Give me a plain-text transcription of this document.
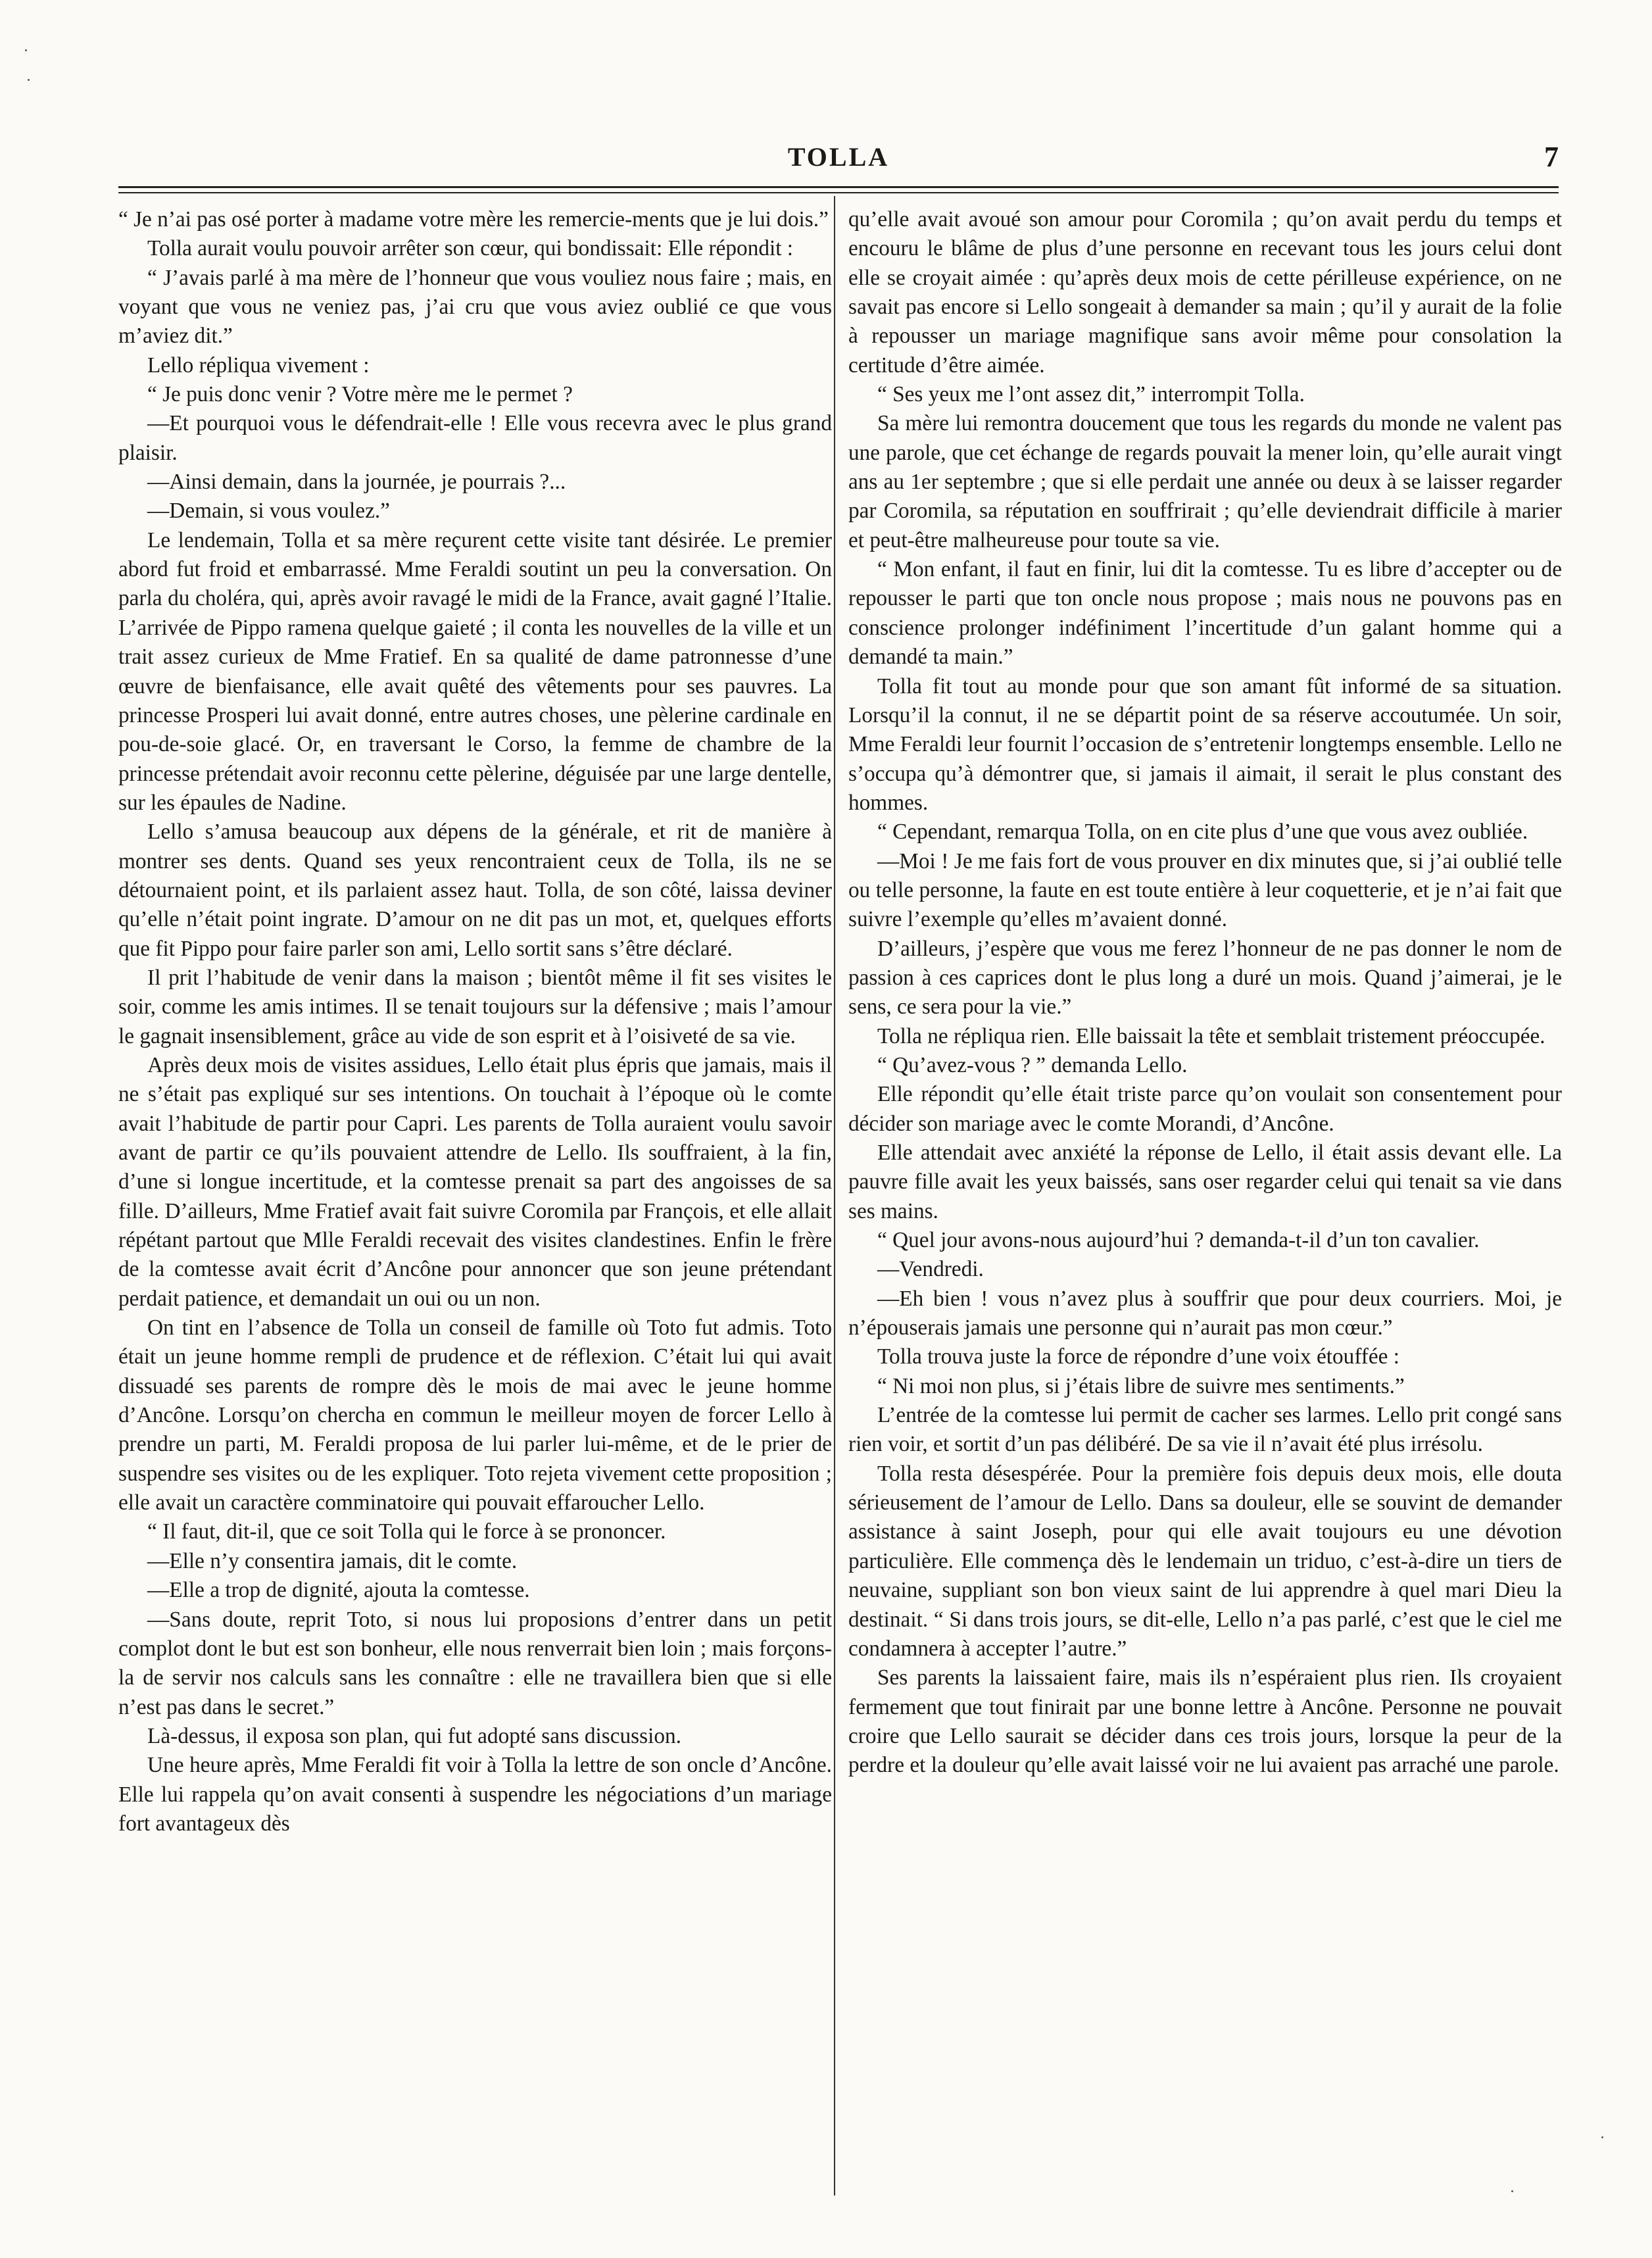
TOLLA	7

“ Je n’ai pas osé porter à madame votre mère les remercie-ments que je lui dois.”

Tolla aurait voulu pouvoir arrêter son cœur, qui bondissait: Elle répondit :

“ J’avais parlé à ma mère de l’honneur que vous vouliez nous faire ; mais, en voyant que vous ne veniez pas, j’ai cru que vous aviez oublié ce que vous m’aviez dit.”

Lello répliqua vivement :

“ Je puis donc venir ? Votre mère me le permet ?

—Et pourquoi vous le défendrait-elle ! Elle vous recevra avec le plus grand plaisir.

—Ainsi demain, dans la journée, je pourrais ?...

—Demain, si vous voulez.”

Le lendemain, Tolla et sa mère reçurent cette visite tant désirée. Le premier abord fut froid et embarrassé. Mme Feraldi soutint un peu la conversation. On parla du choléra, qui, après avoir ravagé le midi de la France, avait gagné l’Italie. L’arrivée de Pippo ramena quelque gaieté ; il conta les nouvelles de la ville et un trait assez curieux de Mme Fratief. En sa qualité de dame patronnesse d’une œuvre de bienfaisance, elle avait quêté des vêtements pour ses pauvres. La princesse Prosperi lui avait donné, entre autres choses, une pèlerine cardinale en pou-de-soie glacé. Or, en traversant le Corso, la femme de chambre de la princesse prétendait avoir reconnu cette pèlerine, déguisée par une large dentelle, sur les épaules de Nadine.

Lello s’amusa beaucoup aux dépens de la générale, et rit de manière à montrer ses dents. Quand ses yeux rencontraient ceux de Tolla, ils ne se détournaient point, et ils parlaient assez haut. Tolla, de son côté, laissa deviner qu’elle n’était point ingrate. D’amour on ne dit pas un mot, et, quelques efforts que fit Pippo pour faire parler son ami, Lello sortit sans s’être déclaré.

Il prit l’habitude de venir dans la maison ; bientôt même il fit ses visites le soir, comme les amis intimes. Il se tenait toujours sur la défensive ; mais l’amour le gagnait insensiblement, grâce au vide de son esprit et à l’oisiveté de sa vie.

Après deux mois de visites assidues, Lello était plus épris que jamais, mais il ne s’était pas expliqué sur ses intentions. On touchait à l’époque où le comte avait l’habitude de partir pour Capri. Les parents de Tolla auraient voulu savoir avant de partir ce qu’ils pouvaient attendre de Lello. Ils souffraient, à la fin, d’une si longue incertitude, et la comtesse prenait sa part des angoisses de sa fille. D’ailleurs, Mme Fratief avait fait suivre Coromila par François, et elle allait répétant partout que Mlle Feraldi recevait des visites clandestines. Enfin le frère de la comtesse avait écrit d’Ancône pour annoncer que son jeune prétendant perdait patience, et demandait un oui ou un non.

On tint en l’absence de Tolla un conseil de famille où Toto fut admis. Toto était un jeune homme rempli de prudence et de réflexion. C’était lui qui avait dissuadé ses parents de rompre dès le mois de mai avec le jeune homme d’Ancône. Lorsqu’on chercha en commun le meilleur moyen de forcer Lello à prendre un parti, M. Feraldi proposa de lui parler lui-même, et de le prier de suspendre ses visites ou de les expliquer. Toto rejeta vivement cette proposition ; elle avait un caractère comminatoire qui pouvait effaroucher Lello.

“ Il faut, dit-il, que ce soit Tolla qui le force à se prononcer.

—Elle n’y consentira jamais, dit le comte.

—Elle a trop de dignité, ajouta la comtesse.

—Sans doute, reprit Toto, si nous lui proposions d’entrer dans un petit complot dont le but est son bonheur, elle nous renverrait bien loin ; mais forçons-la de servir nos calculs sans les connaître : elle ne travaillera bien que si elle n’est pas dans le secret.”

Là-dessus, il exposa son plan, qui fut adopté sans discussion.

Une heure après, Mme Feraldi fit voir à Tolla la lettre de son oncle d’Ancône. Elle lui rappela qu’on avait consenti à suspendre les négociations d’un mariage fort avantageux dès

qu’elle avait avoué son amour pour Coromila ; qu’on avait perdu du temps et encouru le blâme de plus d’une personne en recevant tous les jours celui dont elle se croyait aimée : qu’après deux mois de cette périlleuse expérience, on ne savait pas encore si Lello songeait à demander sa main ; qu’il y aurait de la folie à repousser un mariage magnifique sans avoir même pour consolation la certitude d’être aimée.

“ Ses yeux me l’ont assez dit,” interrompit Tolla.

Sa mère lui remontra doucement que tous les regards du monde ne valent pas une parole, que cet échange de regards pouvait la mener loin, qu’elle aurait vingt ans au 1er septembre ; que si elle perdait une année ou deux à se laisser regarder par Coromila, sa réputation en souffrirait ; qu’elle deviendrait difficile à marier et peut-être malheureuse pour toute sa vie.

“ Mon enfant, il faut en finir, lui dit la comtesse. Tu es libre d’accepter ou de repousser le parti que ton oncle nous propose ; mais nous ne pouvons pas en conscience prolonger indéfiniment l’incertitude d’un galant homme qui a demandé ta main.”

Tolla fit tout au monde pour que son amant fût informé de sa situation. Lorsqu’il la connut, il ne se départit point de sa réserve accoutumée. Un soir, Mme Feraldi leur fournit l’occasion de s’entretenir longtemps ensemble. Lello ne s’occupa qu’à démontrer que, si jamais il aimait, il serait le plus constant des hommes.

“ Cependant, remarqua Tolla, on en cite plus d’une que vous avez oubliée.

—Moi ! Je me fais fort de vous prouver en dix minutes que, si j’ai oublié telle ou telle personne, la faute en est toute entière à leur coquetterie, et je n’ai fait que suivre l’exemple qu’elles m’avaient donné.

D’ailleurs, j’espère que vous me ferez l’honneur de ne pas donner le nom de passion à ces caprices dont le plus long a duré un mois. Quand j’aimerai, je le sens, ce sera pour la vie.”

Tolla ne répliqua rien. Elle baissait la tête et semblait tristement préoccupée.

“ Qu’avez-vous ? ” demanda Lello.

Elle répondit qu’elle était triste parce qu’on voulait son consentement pour décider son mariage avec le comte Morandi, d’Ancône.

Elle attendait avec anxiété la réponse de Lello, il était assis devant elle. La pauvre fille avait les yeux baissés, sans oser regarder celui qui tenait sa vie dans ses mains.

“ Quel jour avons-nous aujourd’hui ? demanda-t-il d’un ton cavalier.

—Vendredi.

—Eh bien ! vous n’avez plus à souffrir que pour deux courriers. Moi, je n’épouserais jamais une personne qui n’aurait pas mon cœur.”

Tolla trouva juste la force de répondre d’une voix étouffée :

“ Ni moi non plus, si j’étais libre de suivre mes sentiments.”

L’entrée de la comtesse lui permit de cacher ses larmes. Lello prit congé sans rien voir, et sortit d’un pas délibéré. De sa vie il n’avait été plus irrésolu.

Tolla resta désespérée. Pour la première fois depuis deux mois, elle douta sérieusement de l’amour de Lello. Dans sa douleur, elle se souvint de demander assistance à saint Joseph, pour qui elle avait toujours eu une dévotion particulière. Elle commença dès le lendemain un triduo, c’est-à-dire un tiers de neuvaine, suppliant son bon vieux saint de lui apprendre à quel mari Dieu la destinait. “ Si dans trois jours, se dit-elle, Lello n’a pas parlé, c’est que le ciel me condamnera à accepter l’autre.”

Ses parents la laissaient faire, mais ils n’espéraient plus rien. Ils croyaient fermement que tout finirait par une bonne lettre à Ancône. Personne ne pouvait croire que Lello saurait se décider dans ces trois jours, lorsque la peur de la perdre et la douleur qu’elle avait laissé voir ne lui avaient pas arraché une parole.
